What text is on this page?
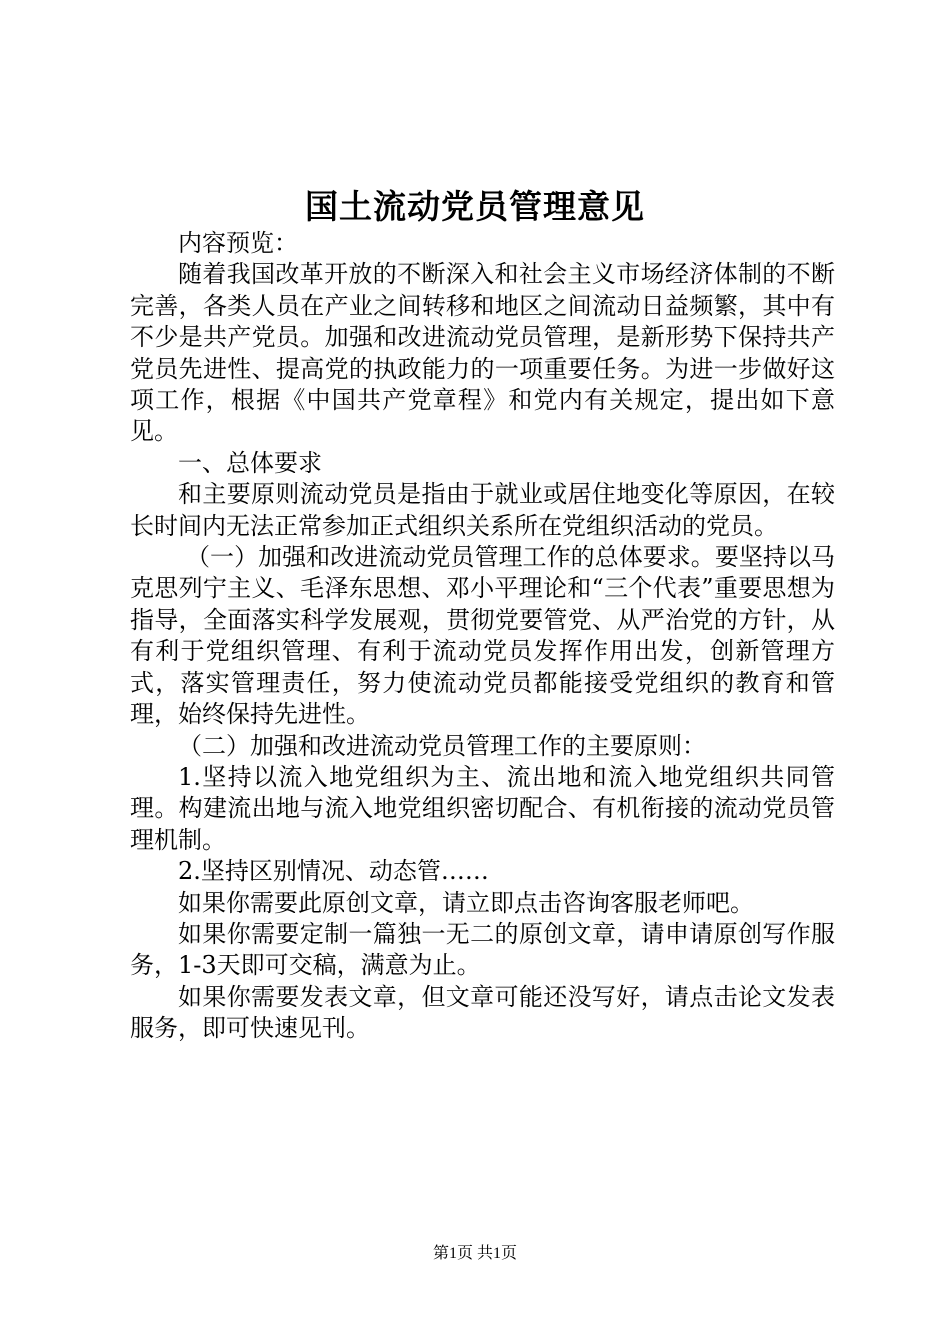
国土流动党员管理意见

内容预览：

随着我国改革开放的不断深入和社会主义市场经济体制的不断完善，各类人员在产业之间转移和地区之间流动日益频繁，其中有不少是共产党员。加强和改进流动党员管理，是新形势下保持共产党员先进性、提高党的执政能力的一项重要任务。为进一步做好这项工作，根据《中国共产党章程》和党内有关规定，提出如下意见。

一、总体要求

和主要原则流动党员是指由于就业或居住地变化等原因，在较长时间内无法正常参加正式组织关系所在党组织活动的党员。

（一）加强和改进流动党员管理工作的总体要求。要坚持以马克思列宁主义、毛泽东思想、邓小平理论和“三个代表”重要思想为指导，全面落实科学发展观，贯彻党要管党、从严治党的方针，从有利于党组织管理、有利于流动党员发挥作用出发，创新管理方式，落实管理责任，努力使流动党员都能接受党组织的教育和管理，始终保持先进性。

（二）加强和改进流动党员管理工作的主要原则：

1.坚持以流入地党组织为主、流出地和流入地党组织共同管理。构建流出地与流入地党组织密切配合、有机衔接的流动党员管理机制。

2.坚持区别情况、动态管……

如果你需要此原创文章，请立即点击咨询客服老师吧。

如果你需要定制一篇独一无二的原创文章，请申请原创写作服务，1-3天即可交稿，满意为止。

如果你需要发表文章，但文章可能还没写好，请点击论文发表服务，即可快速见刊。

第1页 共1页
